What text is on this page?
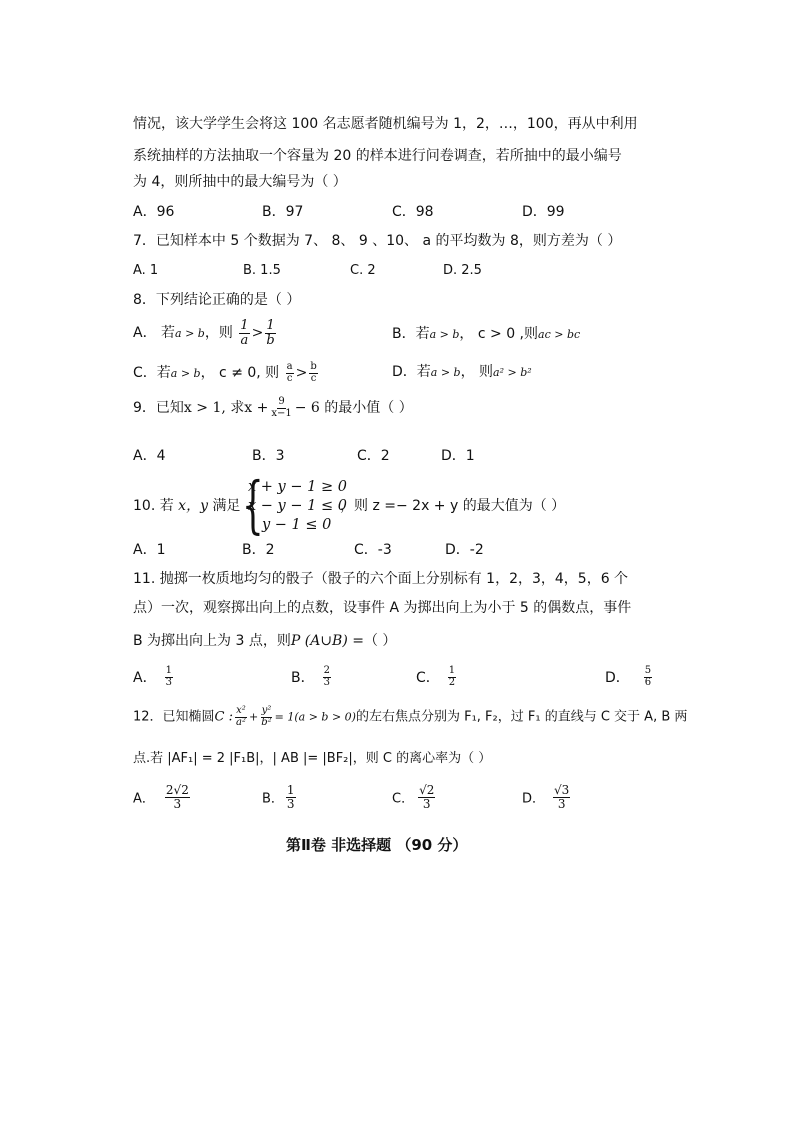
情况，该大学学生会将这 100 名志愿者随机编号为 1，2，…，100，再从中利用
系统抽样的方法抽取一个容量为 20 的样本进行问卷调查，若所抽中的最小编号
为 4，则所抽中的最大编号为（ ）
A．96	B．97	C．98	D．99
7．已知样本中 5 个数据为 7、 8、 9 、10、 a 的平均数为 8，则方差为（ ）
A. 1	B. 1.5	C. 2	D. 2.5
8．下列结论正确的是（ ）
A． 若a > b，则 $\frac{1}{a} > \frac{1}{b}$	B．若a > b， c > 0 ,则ac > bc
C．若a > b， c ≠ 0, 则 $\frac{a}{c} > \frac{b}{c}$	D．若a > b， 则a² > b²
9．已知x > 1, 求$x + \frac{9}{x-1} - 6$ 的最小值（ ）
A．4	B．3	C．2	D．1
10. 若 x，y 满足 {
x + y − 1 ≥ 0
x − y − 1 ≤ 0
y − 1 ≤ 0
，则 z =− 2x + y 的最大值为（ ）
A．1	B．2	C．-3	D．-2
11. 抛掷一枚质地均匀的骰子（骰子的六个面上分别标有 1，2，3，4，5，6 个
点）一次，观察掷出向上的点数，设事件 A 为掷出向上为小于 5 的偶数点，事件
B 为掷出向上为 3 点，则P (A∪B) =（ ）
A． $\frac{1}{3}$	B． $\frac{2}{3}$	C． $\frac{1}{2}$	D． $\frac{5}{6}$
12．已知椭圆C : $\frac{\text{x²}}{\text{a²}} + \frac{\text{y²}}{\text{b²}} = 1(a > b > 0)$的左右焦点分别为 F₁, F₂，过 F₁ 的直线与 C 交于 A, B 两
点.若 |AF₁| = 2 |F₁B|，| AB |= |BF₂|，则 C 的离心率为（ ）
A． $\frac{2√2}{3}$	B． $\frac{1}{3}$	C． $\frac{√2}{3}$	D． $\frac{√3}{3}$
第Ⅱ卷 非选择题 （90 分）
